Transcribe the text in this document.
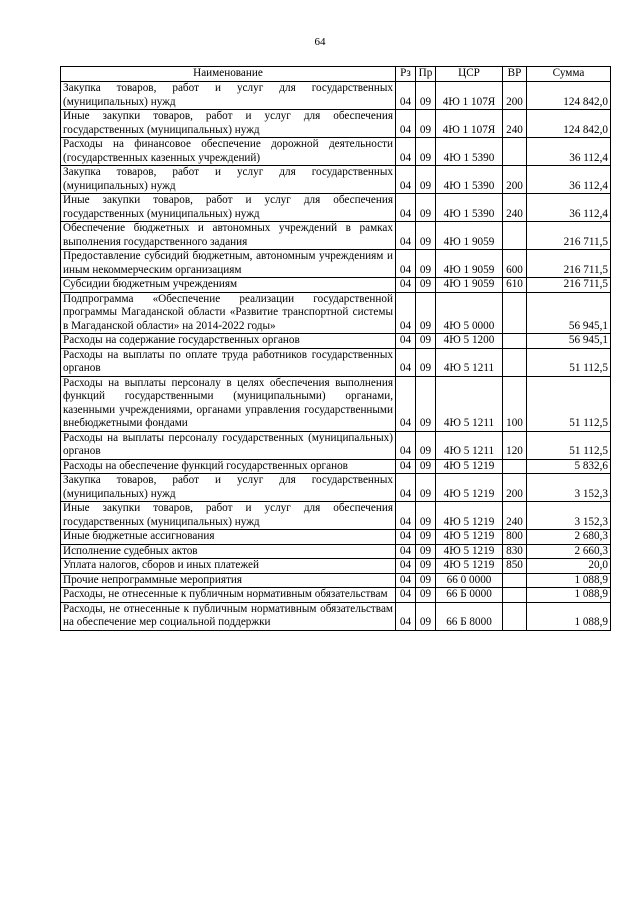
64
Наименование	Рз	Пр	ЦСР	ВР	Сумма
Закупка товаров, работ и услуг для государственных (муниципальных) нужд	04	09	4Ю 1 107Я	200	124 842,0
Иные закупки товаров, работ и услуг для обеспечения государственных (муниципальных) нужд	04	09	4Ю 1 107Я	240	124 842,0
Расходы на финансовое обеспечение дорожной деятельности (государственных казенных учреждений)	04	09	4Ю 1 5390		36 112,4
Закупка товаров, работ и услуг для государственных (муниципальных) нужд	04	09	4Ю 1 5390	200	36 112,4
Иные закупки товаров, работ и услуг для обеспечения государственных (муниципальных) нужд	04	09	4Ю 1 5390	240	36 112,4
Обеспечение бюджетных и автономных учреждений в рамках выполнения государственного задания	04	09	4Ю 1 9059		216 711,5
Предоставление субсидий бюджетным, автономным учреждениям и иным некоммерческим организациям	04	09	4Ю 1 9059	600	216 711,5
Субсидии бюджетным учреждениям	04	09	4Ю 1 9059	610	216 711,5
Подпрограмма «Обеспечение реализации государственной программы Магаданской области «Развитие транспортной системы в Магаданской области» на 2014-2022 годы»	04	09	4Ю 5 0000		56 945,1
Расходы на содержание государственных органов	04	09	4Ю 5 1200		56 945,1
Расходы на выплаты по оплате труда работников государственных органов	04	09	4Ю 5 1211		51 112,5
Расходы на выплаты персоналу в целях обеспечения выполнения функций государственными (муниципальными) органами, казенными учреждениями, органами управления государственными внебюджетными фондами	04	09	4Ю 5 1211	100	51 112,5
Расходы на выплаты персоналу государственных (муниципальных) органов	04	09	4Ю 5 1211	120	51 112,5
Расходы на обеспечение функций государственных органов	04	09	4Ю 5 1219		5 832,6
Закупка товаров, работ и услуг для государственных (муниципальных) нужд	04	09	4Ю 5 1219	200	3 152,3
Иные закупки товаров, работ и услуг для обеспечения государственных (муниципальных) нужд	04	09	4Ю 5 1219	240	3 152,3
Иные бюджетные ассигнования	04	09	4Ю 5 1219	800	2 680,3
Исполнение судебных актов	04	09	4Ю 5 1219	830	2 660,3
Уплата налогов, сборов и иных платежей	04	09	4Ю 5 1219	850	20,0
Прочие непрограммные мероприятия	04	09	66 0 0000		1 088,9
Расходы, не отнесенные к публичным нормативным обязательствам	04	09	66 Б 0000		1 088,9
Расходы, не отнесенные к публичным нормативным обязательствам на обеспечение мер социальной поддержки	04	09	66 Б 8000		1 088,9
